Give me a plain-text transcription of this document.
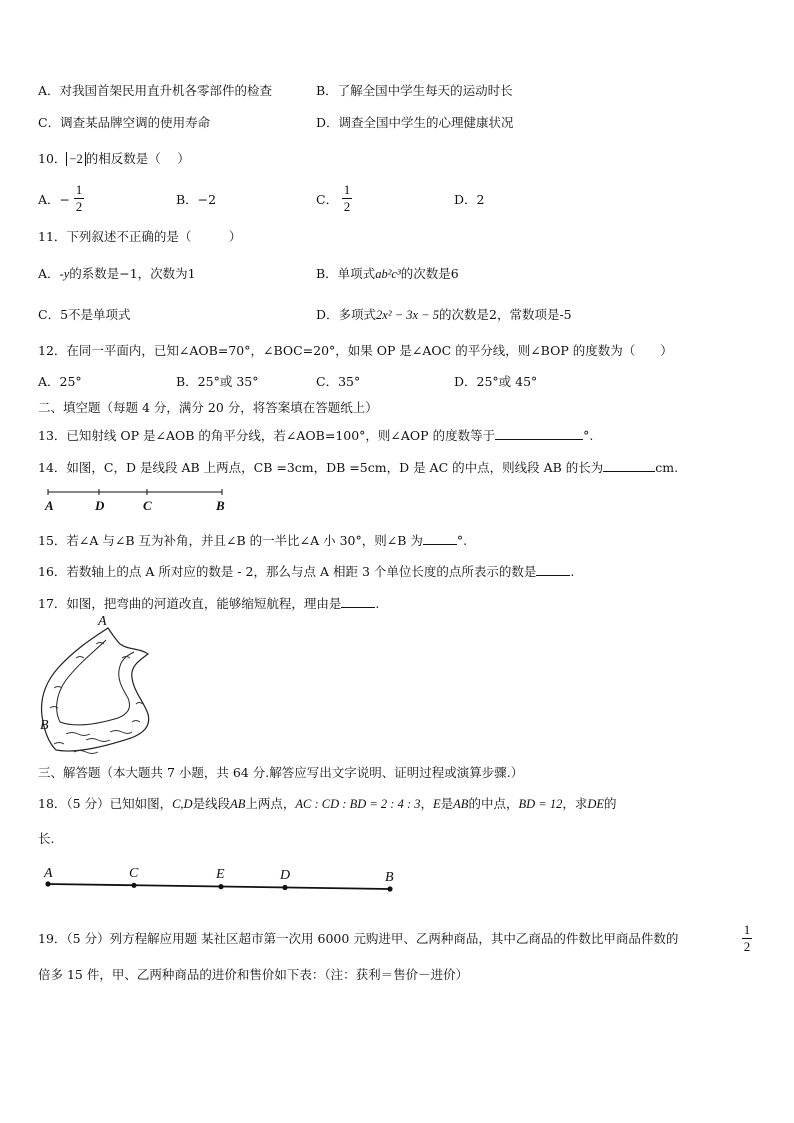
A．对我国首架民用直升机各零部件的检查	B．了解全国中学生每天的运动时长
C．调查某品牌空调的使用寿命	D．调查全国中学生的心理健康状况
10． −2 的相反数是（　 ）
A．−
1
2	B．−2	C．
1
2	D．2
11．下列叙述不正确的是（　　　）
A．-y的系数是−1，次数为1	B．单项式ab²c³的次数是6
C．5不是单项式	D．多项式2x² − 3x − 5的次数是2，常数项是-5
12．在同一平面内，已知∠AOB=70°，∠BOC=20°，如果 OP 是∠AOC 的平分线，则∠BOP 的度数为（　　）
A．25°	B．25°或 35°	C．35°	D．25°或 45°
二、填空题（每题 4 分，满分 20 分，将答案填在答题纸上）
13．已知射线 OP 是∠AOB 的角平分线，若∠AOB=100°，则∠AOP 的度数等于	°.
14．如图，C，D 是线段 AB 上两点，CB =3cm，DB =5cm，D 是 AC 的中点，则线段 AB 的长为	cm.
A	D	C	B
15．若∠A 与∠B 互为补角，并且∠B 的一半比∠A 小 30°，则∠B 为	°.
16．若数轴上的点 A 所对应的数是 - 2，那么与点 A 相距 3 个单位长度的点所表示的数是	.
17．如图，把弯曲的河道改直，能够缩短航程，理由是	.
A
B
三、解答题（本大题共 7 小题，共 64 分.解答应写出文字说明、证明过程或演算步骤.）
18．（5 分）已知如图，C,D是线段AB上两点，AC : CD : BD = 2 : 4 : 3，E是AB的中点，BD = 12，求DE的
长.
A	C	E	D	B
19．（5 分）列方程解应用题 某社区超市第一次用 6000 元购进甲、乙两种商品，其中乙商品的件数比甲商品件数的
1
2
倍多 15 件，甲、乙两种商品的进价和售价如下表：（注：获利＝售价－进价）
